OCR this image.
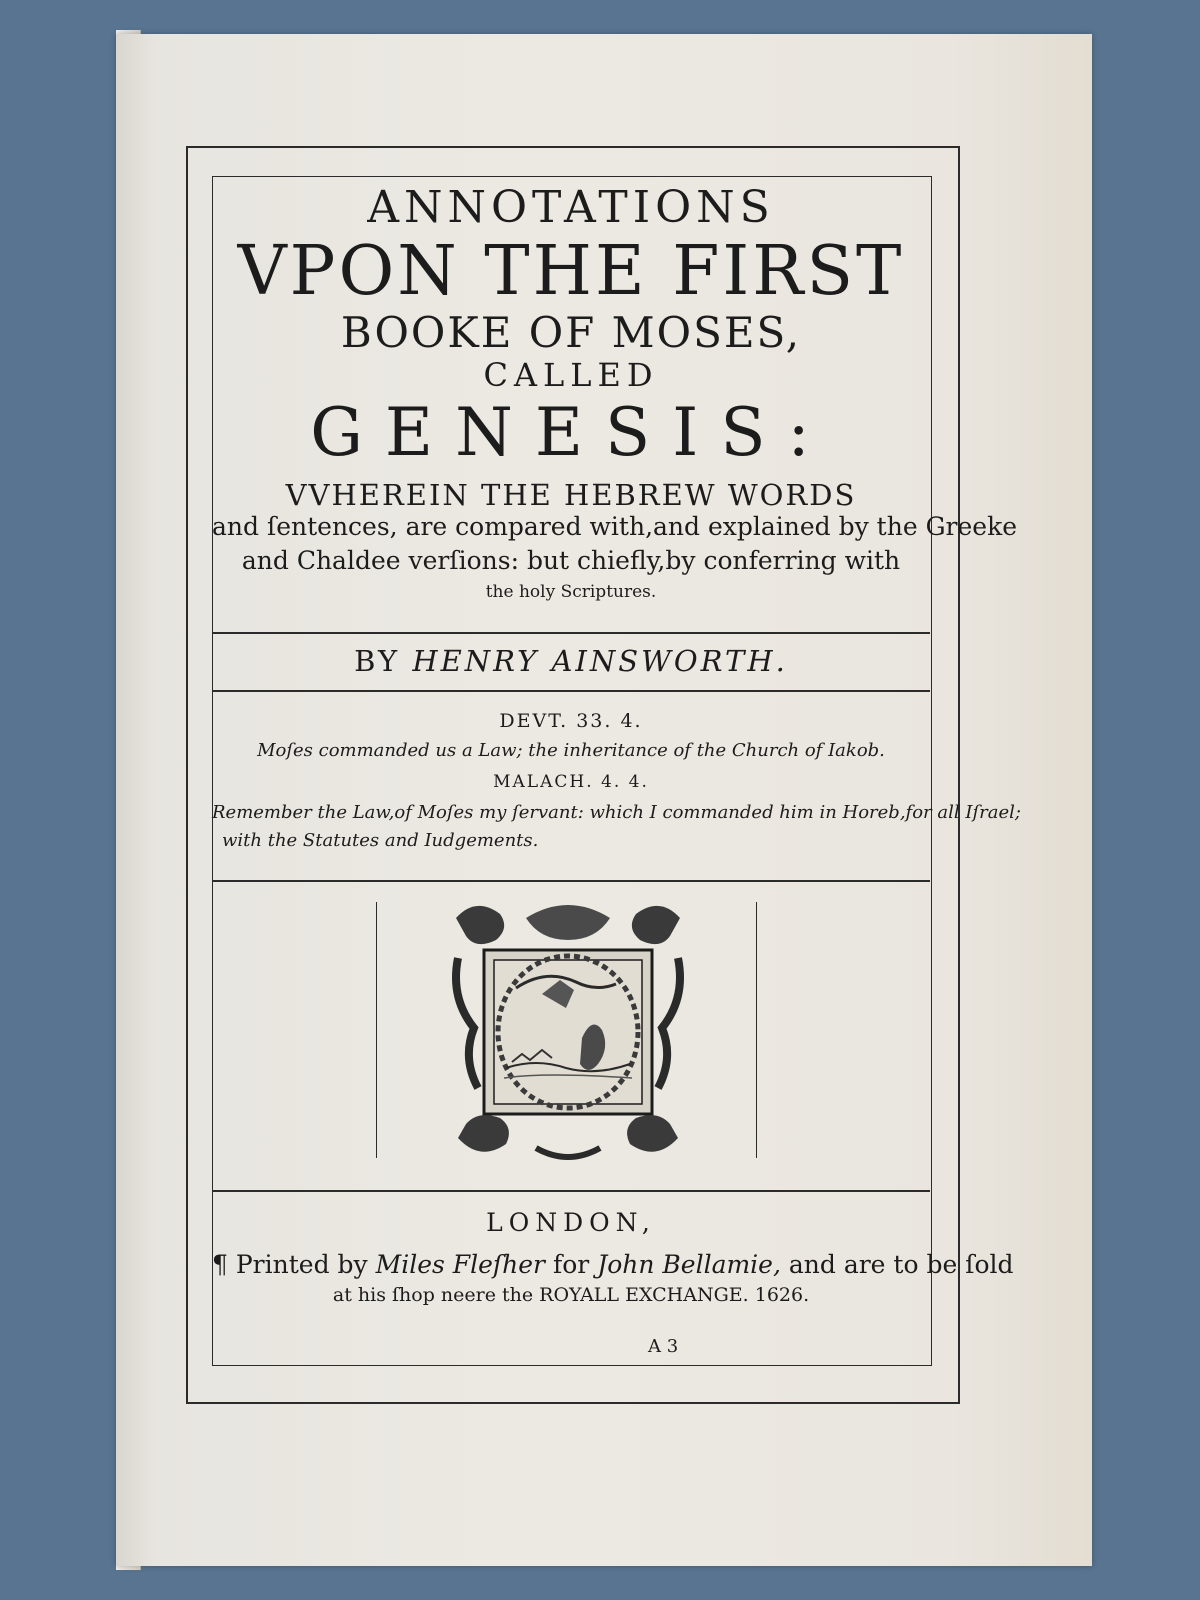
ANNOTATIONS

VPON THE FIRST

BOOKE OF MOSES,

CALLED

GENESIS:

VVHEREIN THE HEBREW WORDS

and ſentences, are compared with,and explained by the Greeke

and Chaldee verſions: but chiefly,by conferring with

the holy Scriptures.

BY HENRY AINSWORTH.

DEVT. 33. 4.

Moſes commanded us a Law; the inheritance of the Church of Iakob.

MALACH. 4. 4.

Remember the Law,of Moſes my ſervant: which I commanded him in Horeb,for all Iſrael;

with the Statutes and Iudgements.

LONDON,

¶ Printed by Miles Fleſher for John Bellamie, and are to be ſold

at his ſhop neere the ROYALL EXCHANGE. 1626.

A 3
